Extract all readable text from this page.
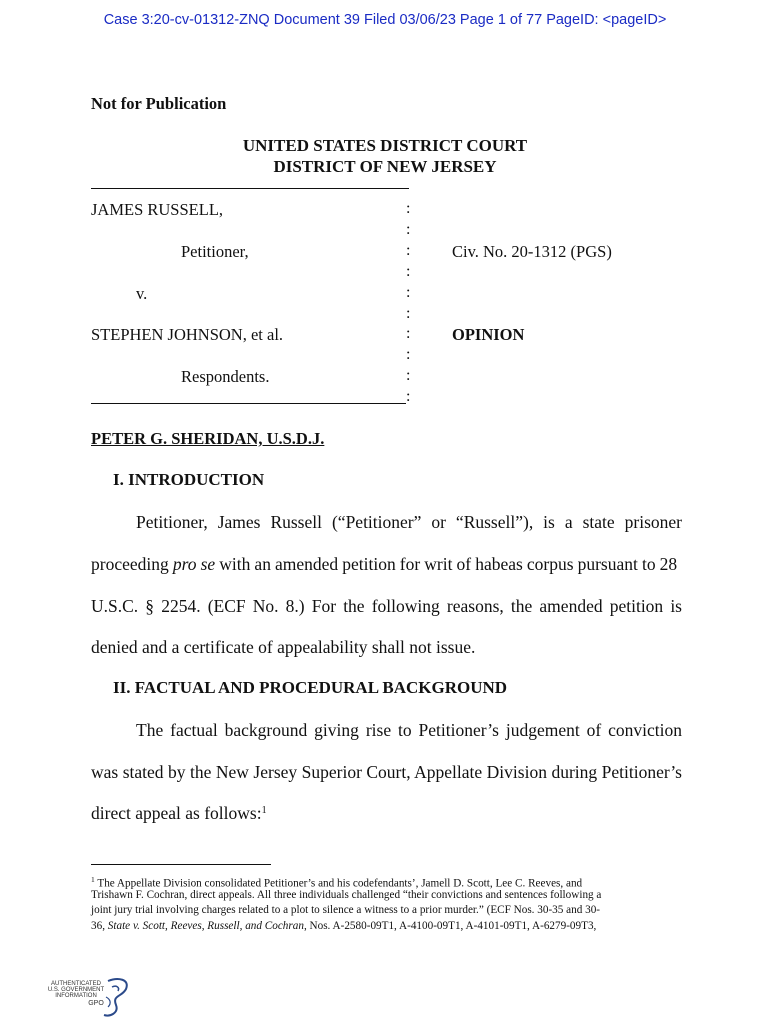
Case 3:20-cv-01312-ZNQ Document 39 Filed 03/06/23 Page 1 of 77 PageID: <pageID>
Not for Publication
UNITED STATES DISTRICT COURT
DISTRICT OF NEW JERSEY
JAMES RUSSELL,
Petitioner,
v.
STEPHEN JOHNSON, et al.
Respondents.
:
:
:
:
:
:
:
:
:
:
Civ. No. 20-1312 (PGS)
OPINION
PETER G. SHERIDAN, U.S.D.J.
I. INTRODUCTION
Petitioner, James Russell (“Petitioner” or “Russell”), is a state prisoner
proceeding pro se with an amended petition for writ of habeas corpus pursuant to 28
U.S.C. § 2254. (ECF No. 8.) For the following reasons, the amended petition is
denied and a certificate of appealability shall not issue.
II. FACTUAL AND PROCEDURAL BACKGROUND
The factual background giving rise to Petitioner’s judgement of conviction
was stated by the New Jersey Superior Court, Appellate Division during Petitioner’s
direct appeal as follows:$^1$
$^1$ The Appellate Division consolidated Petitioner’s and his codefendants’, Jamell D. Scott, Lee C. Reeves, and
Trishawn F. Cochran, direct appeals. All three individuals challenged “their convictions and sentences following a
joint jury trial involving charges related to a plot to silence a witness to a prior murder.” (ECF Nos. 30-35 and 30-
36, State v. Scott, Reeves, Russell, and Cochran, Nos. A-2580-09T1, A-4100-09T1, A-4101-09T1, A-6279-09T3,
AUTHENTICATED
U.S. GOVERNMENT
INFORMATION
GPO
